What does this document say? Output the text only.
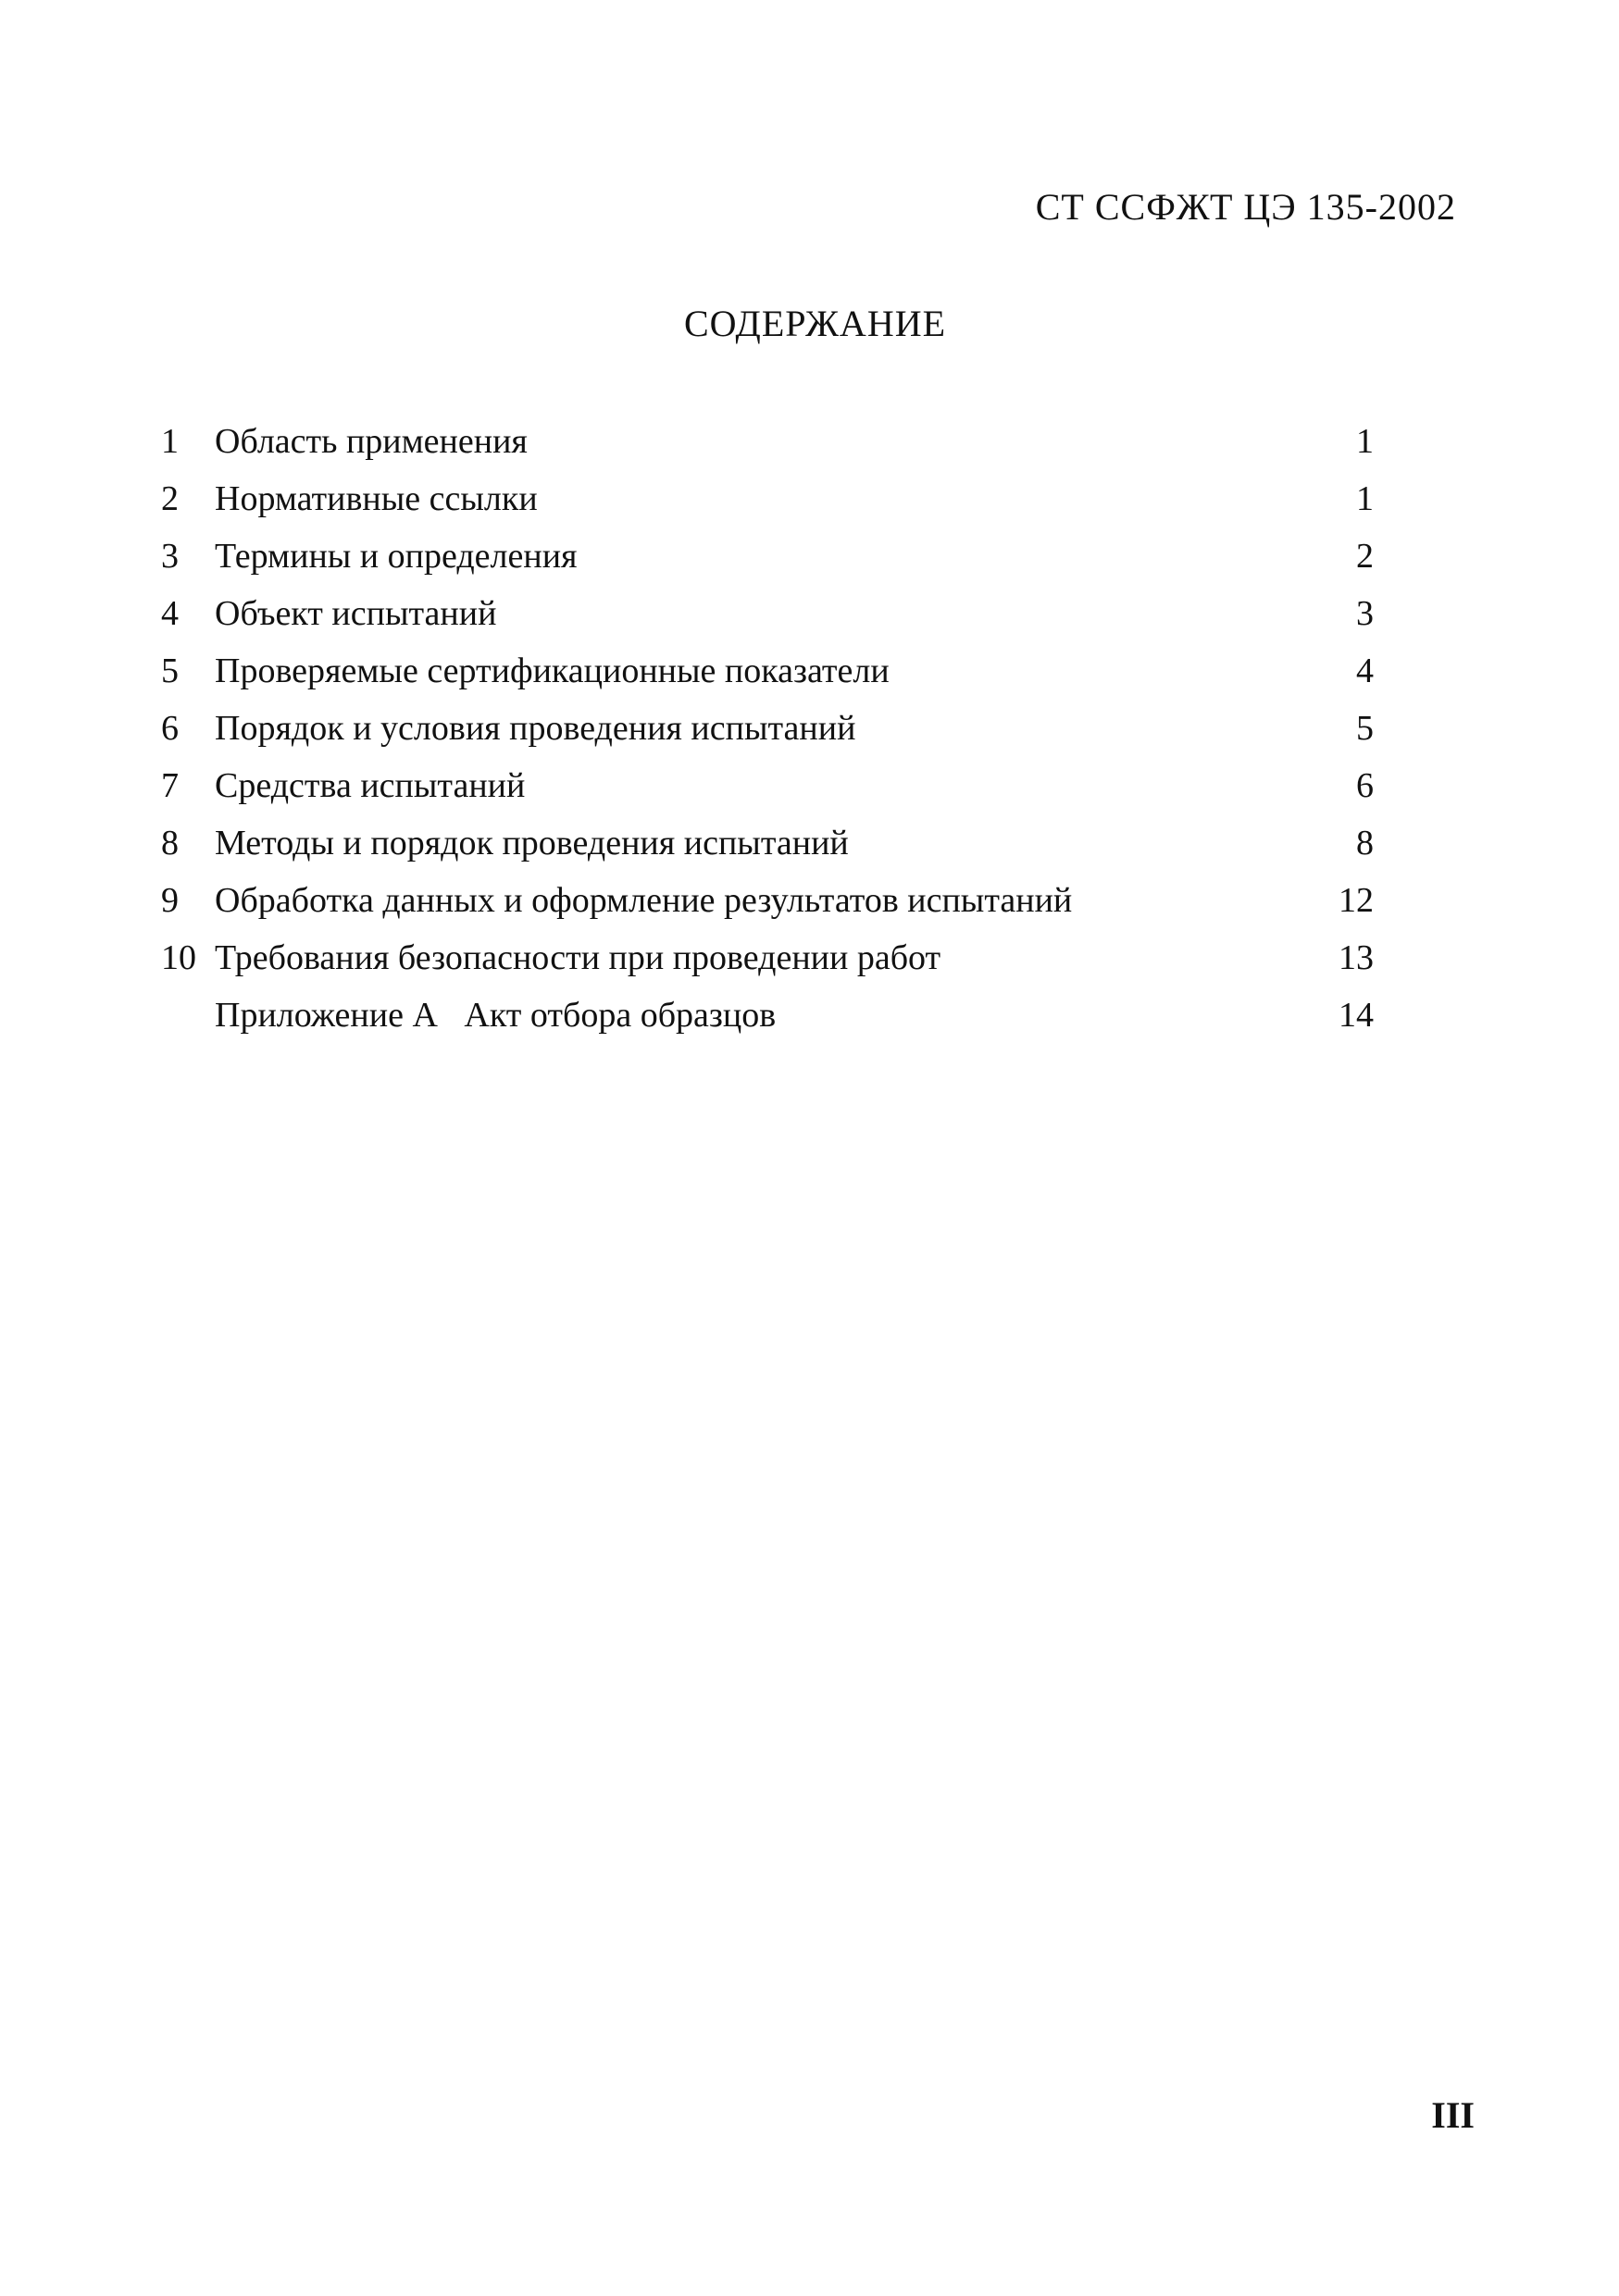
СТ ССФЖТ ЦЭ 135-2002
СОДЕРЖАНИЕ
1 Область применения	1
2 Нормативные ссылки	1
3 Термины и определения	2
4 Объект испытаний	3
5 Проверяемые сертификационные показатели	4
6 Порядок и условия проведения испытаний	5
7 Средства испытаний	6
8 Методы и порядок проведения испытаний	8
9 Обработка данных и оформление результатов испытаний	12
10 Требования безопасности при проведении работ	13
Приложение А   Акт отбора образцов	14
III
